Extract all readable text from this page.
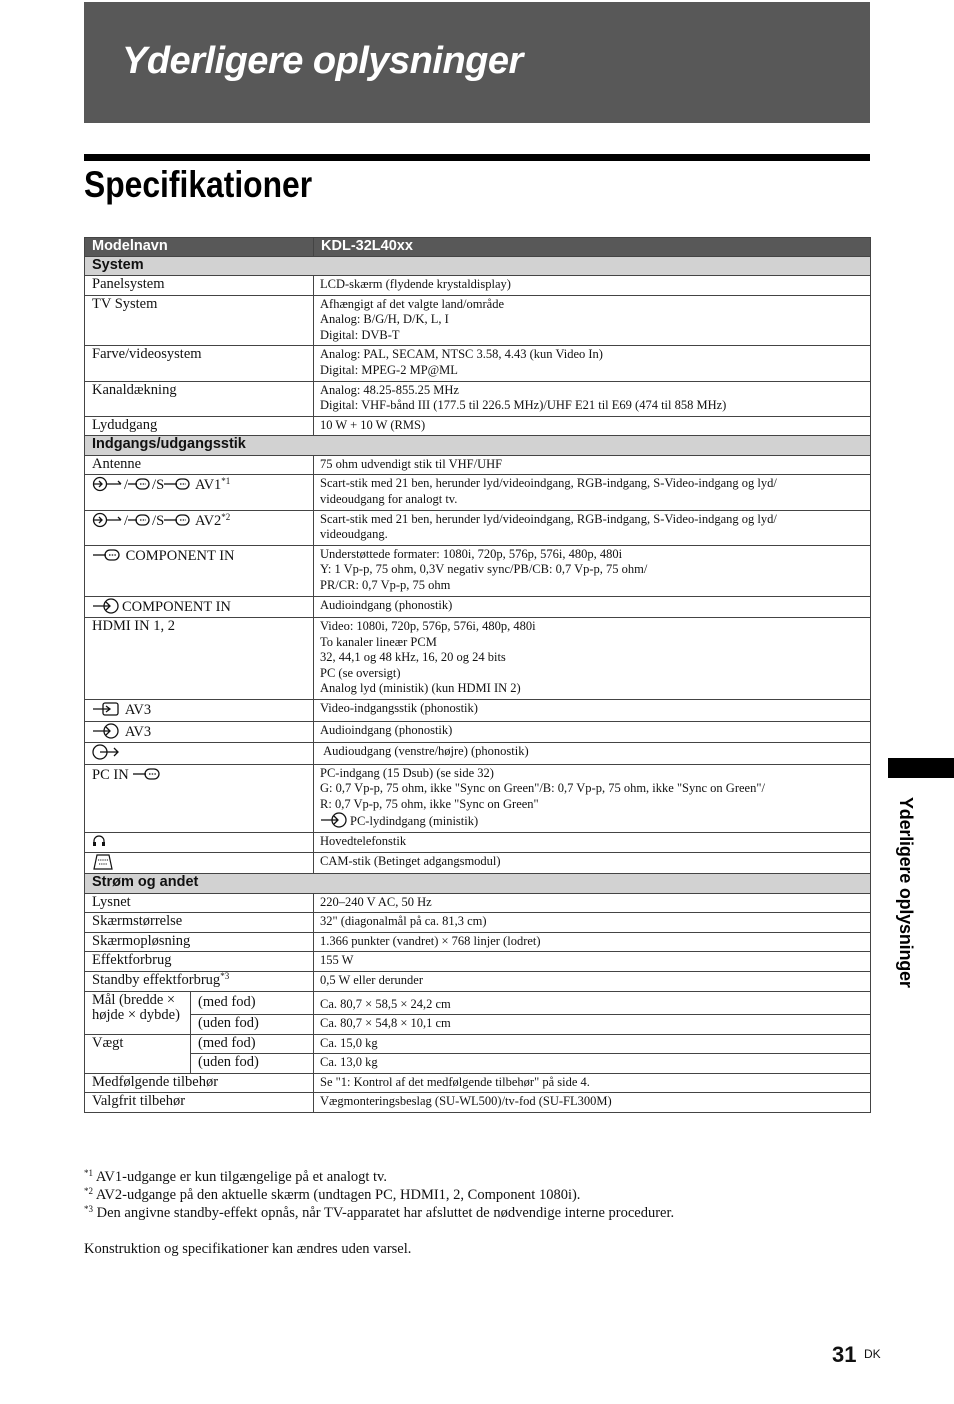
Yderligere oplysninger
Specifikationer
Modelnavn		KDL-32L40xx
System		
Panelsystem		LCD-skærm (flydende krystaldisplay)
TV System		Afhængigt af det valgte land/område
Analog: B/G/H, D/K, L, I
Digital: DVB-T

Farve/videosystem		Analog: PAL, SECAM, NTSC 3.58, 4.43 (kun Video In)
Digital: MPEG-2 MP@ML

Kanaldækning		Analog: 48.25-855.25 MHz
Digital: VHF-bånd III (177.5 til 226.5 MHz)/UHF E21 til E69 (474 til 858 MHz)

Lydudgang		10 W + 10 W (RMS)
Indgangs/udgangsstik		
Antenne		75 ohm udvendigt stik til VHF/UHF

/ /S AV1$^{*1}$		Scart-stik med 21 ben, herunder lyd/videoindgang, RGB-indgang, S-Video-indgang og lyd/
videoudgang for analogt tv.

/ /S AV2$^{*2}$		Scart-stik med 21 ben, herunder lyd/videoindgang, RGB-indgang, S-Video-indgang og lyd/
videoudgang.

COMPONENT IN		Understøttede formater: 1080i, 720p, 576p, 576i, 480p, 480i
Y: 1 Vp-p, 75 ohm, 0,3V negativ sync/PB/CB: 0,7 Vp-p, 75 ohm/
PR/CR: 0,7 Vp-p, 75 ohm

COMPONENT IN		Audioindgang (phonostik)
HDMI IN 1, 2		Video: 1080i, 720p, 576p, 576i, 480p, 480i
To kanaler lineær PCM
32, 44,1 og 48 kHz, 16, 20 og 24 bits
PC (se oversigt)
Analog lyd (ministik) (kun HDMI IN 2)

AV3		Video-indgangsstik (phonostik)

AV3		Audioindgang (phonostik)

	Audioudgang (venstre/højre) (phonostik)
PC IN		PC-indgang (15 Dsub) (se side 32)
G: 0,7 Vp-p, 75 ohm, ikke "Sync on Green"/B: 0,7 Vp-p, 75 ohm, ikke "Sync on Green"/
R: 0,7 Vp-p, 75 ohm, ikke "Sync on Green"
PC-lydindgang (ministik)

	Hovedtelefonstik

	CAM-stik (Betinget adgangsmodul)
Strøm og andet		
Lysnet		220–240 V AC, 50 Hz
Skærmstørrelse		32" (diagonalmål på ca. 81,3 cm)
Skærmopløsning		1.366 punkter (vandret) × 768 linjer (lodret)
Effektforbrug		155 W
Standby effektforbrug$^{*3}$		0,5 W eller derunder

Mål (bredde ×
højde × dybde)	(med fod)	Ca. 80,7 × 58,5 × 24,2 cm
	(uden fod)	Ca. 80,7 × 54,8 × 10,1 cm
Vægt	(med fod)	Ca. 15,0 kg
	(uden fod)	Ca. 13,0 kg
Medfølgende tilbehør		Se "1: Kontrol af det medfølgende tilbehør" på side 4.
Valgfrit tilbehør		Vægmonteringsbeslag (SU-WL500)/tv-fod (SU-FL300M)
$^{*1}$ AV1-udgange er kun tilgængelige på et analogt tv.
$^{*2}$ AV2-udgange på den aktuelle skærm (undtagen PC, HDMI1, 2, Component 1080i).
$^{*3}$ Den angivne standby-effekt opnås, når TV-apparatet har afsluttet de nødvendige interne procedurer.
Konstruktion og specifikationer kan ændres uden varsel.
Yderligere oplysninger
31 DK
